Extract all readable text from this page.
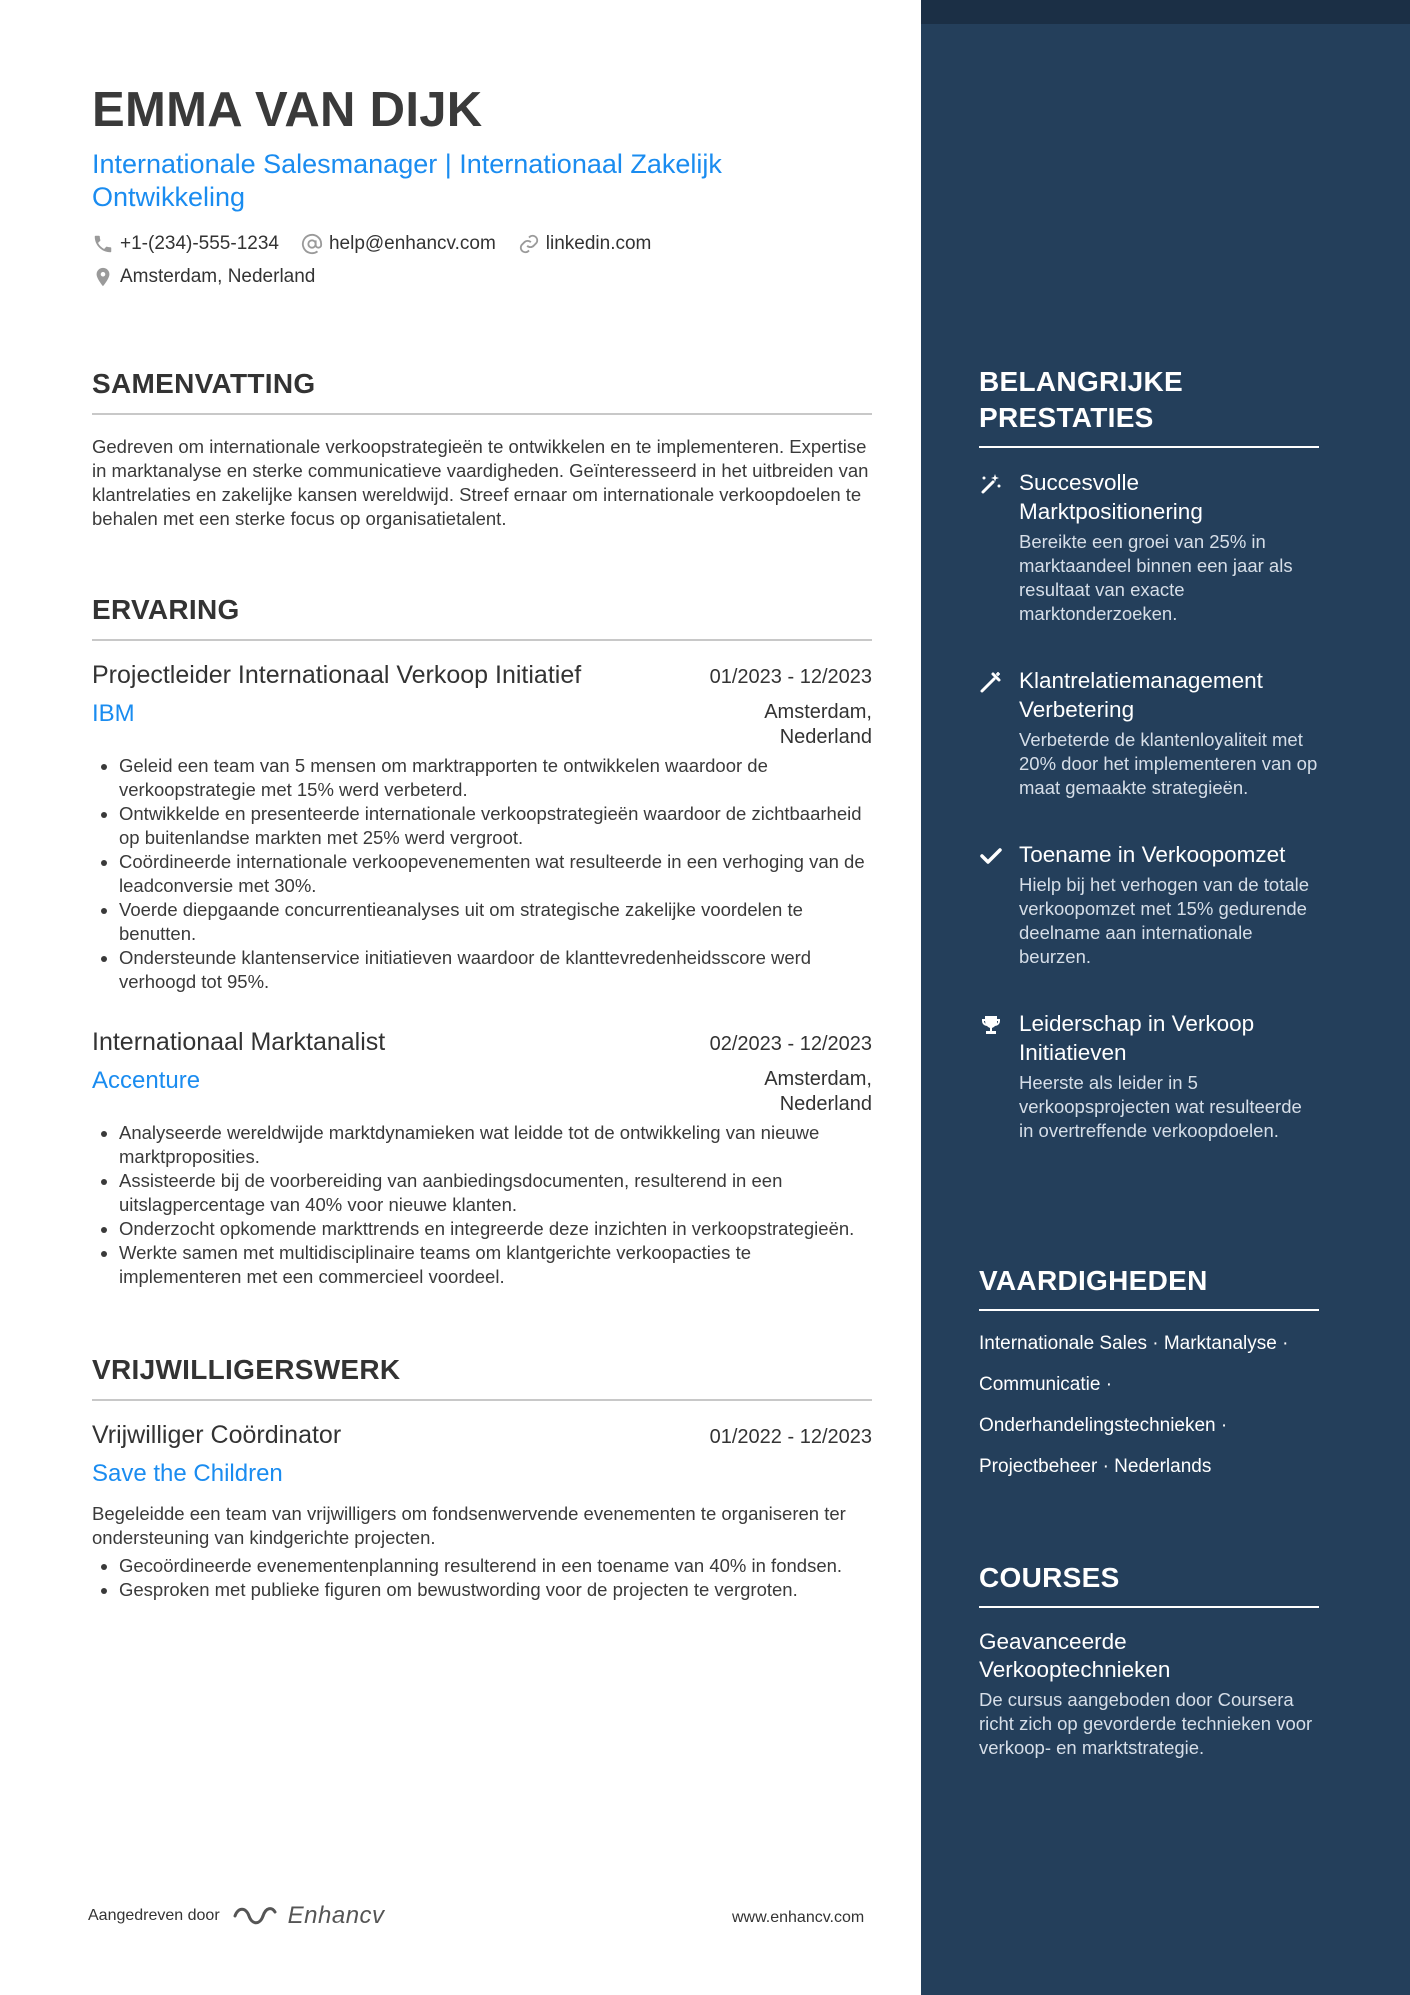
EMMA VAN DIJK
Internationale Salesmanager | Internationaal Zakelijk Ontwikkeling
+1-(234)-555-1234	help@enhancv.com	linkedin.com
Amsterdam, Nederland
SAMENVATTING
Gedreven om internationale verkoopstrategieën te ontwikkelen en te implementeren. Expertise in marktanalyse en sterke communicatieve vaardigheden. Geïnteresseerd in het uitbreiden van klantrelaties en zakelijke kansen wereldwijd. Streef ernaar om internationale verkoopdoelen te behalen met een sterke focus op organisatietalent.
ERVARING
Projectleider Internationaal Verkoop Initiatief	01/2023 - 12/2023
IBM	Amsterdam, Nederland
• Geleid een team van 5 mensen om marktrapporten te ontwikkelen waardoor de verkoopstrategie met 15% werd verbeterd.
• Ontwikkelde en presenteerde internationale verkoopstrategieën waardoor de zichtbaarheid op buitenlandse markten met 25% werd vergroot.
• Coördineerde internationale verkoopevenementen wat resulteerde in een verhoging van de leadconversie met 30%.
• Voerde diepgaande concurrentieanalyses uit om strategische zakelijke voordelen te benutten.
• Ondersteunde klantenservice initiatieven waardoor de klanttevredenheidsscore werd verhoogd tot 95%.
Internationaal Marktanalist	02/2023 - 12/2023
Accenture	Amsterdam, Nederland
• Analyseerde wereldwijde marktdynamieken wat leidde tot de ontwikkeling van nieuwe marktproposities.
• Assisteerde bij de voorbereiding van aanbiedingsdocumenten, resulterend in een uitslagpercentage van 40% voor nieuwe klanten.
• Onderzocht opkomende markttrends en integreerde deze inzichten in verkoopstrategieën.
• Werkte samen met multidisciplinaire teams om klantgerichte verkoopacties te implementeren met een commercieel voordeel.
VRIJWILLIGERSWERK
Vrijwilliger Coördinator	01/2022 - 12/2023
Save the Children
Begeleidde een team van vrijwilligers om fondsenwervende evenementen te organiseren ter ondersteuning van kindgerichte projecten.
• Gecoördineerde evenementenplanning resulterend in een toename van 40% in fondsen.
• Gesproken met publieke figuren om bewustwording voor de projecten te vergroten.
BELANGRIJKE PRESTATIES
Succesvolle Marktpositionering
Bereikte een groei van 25% in marktaandeel binnen een jaar als resultaat van exacte marktonderzoeken.
Klantrelatiemanagement Verbetering
Verbeterde de klantenloyaliteit met 20% door het implementeren van op maat gemaakte strategieën.
Toename in Verkoopomzet
Hielp bij het verhogen van de totale verkoopomzet met 15% gedurende deelname aan internationale beurzen.
Leiderschap in Verkoop Initiatieven
Heerste als leider in 5 verkoopsprojecten wat resulteerde in overtreffende verkoopdoelen.
VAARDIGHEDEN
Internationale Sales · Marktanalyse ·
Communicatie ·
Onderhandelingstechnieken ·
Projectbeheer · Nederlands
COURSES
Geavanceerde Verkooptechnieken
De cursus aangeboden door Coursera richt zich op gevorderde technieken voor verkoop- en marktstrategie.
Aangedreven door	Enhancv	www.enhancv.com
